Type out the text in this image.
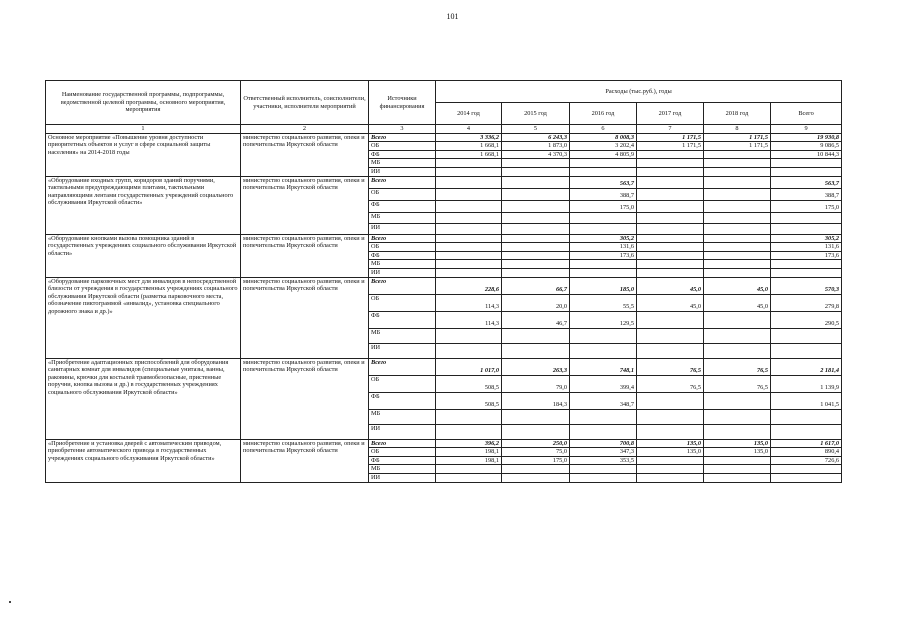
101
Наименование государственной программы, подпрограммы, ведомственной целевой программы, основного мероприятия, мероприятия	Ответственный исполнитель, соисполнители, участники, исполнители мероприятий	Источники финансирования	Расходы (тыс.руб.), годы					
			2014 год	2015 год	2016 год	2017 год	2018 год	Всего
1	2	3	4	5	6	7	8	9
Основное мероприятие «Повышение уровня доступности приоритетных объектов и услуг в сфере социальной защиты населения» на 2014-2018 годы	министерство социального развития, опеки и попечительства Иркутской области	Всего	3 336,2	6 243,3	8 008,3	1 171,5	1 171,5	19 930,8
		ОБ	1 668,1	1 873,0	3 202,4	1 171,5	1 171,5	9 086,5
		ФБ	1 668,1	4 370,3	4 805,9			10 844,3
		МБ						
		ИИ						
«Оборудование входных групп, коридоров зданий поручнями, тактильными предупреждающими плитами, тактильными направляющими лентами государственных учреждений социального обслуживания Иркутской области»	министерство социального развития, опеки и попечительства Иркутской области	Всего			563,7			563,7
		ОБ			388,7			388,7
		ФБ			175,0			175,0
		МБ						
		ИИ						
«Оборудование кнопками вызова помощника зданий в государственных учреждениях социального обслуживания Иркутской области»	министерство социального развития, опеки и попечительства Иркутской области	Всего			305,2			305,2
		ОБ			131,6			131,6
		ФБ			173,6			173,6
		МБ						
		ИИ						
«Оборудование парковочных мест для инвалидов в непосредственной близости от учреждения в государственных учреждениях социального обслуживания Иркутской области (разметка парковочного места, обозначение пиктограммой «инвалид», установка специального дорожного знака и др.)»	министерство социального развития, опеки и попечительства Иркутской области	Всего	228,6	66,7	185,0	45,0	45,0	570,3
		ОБ	114,3	20,0	55,5	45,0	45,0	279,8
		ФБ	114,3	46,7	129,5			290,5
		МБ						
		ИИ						
«Приобретение адаптационных приспособлений для оборудования санитарных комнат для инвалидов (специальные унитазы, ванны, раковины, крючки для костылей травмобезопасные, пристенные поручни, кнопка вызова и др.) в государственных учреждениях социального обслуживания Иркутской области»	министерство социального развития, опеки и попечительства Иркутской области	Всего	1 017,0	263,3	748,1	76,5	76,5	2 181,4
		ОБ	508,5	79,0	399,4	76,5	76,5	1 139,9
		ФБ	508,5	184,3	348,7			1 041,5
		МБ						
		ИИ						
«Приобретение и установка дверей с автоматическим приводом, приобретение автоматического привода в государственных учреждениях социального обслуживания Иркутской области»	министерство социального развития, опеки и попечительства Иркутской области	Всего	396,2	250,0	700,8	135,0	135,0	1 617,0
		ОБ	198,1	75,0	347,3	135,0	135,0	890,4
		ФБ	198,1	175,0	353,5			726,6
		МБ						
		ИИ						
